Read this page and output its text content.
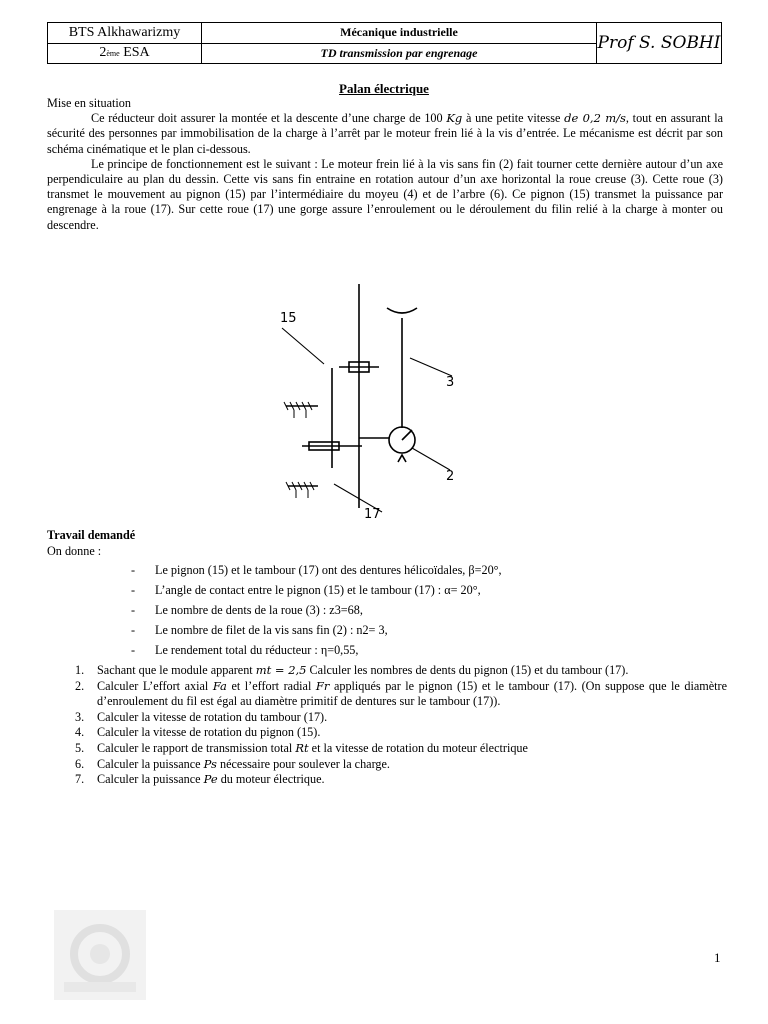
BTS Alkhawarizmy
2 ème
ESA
Mécanique industrielle
TD transmission par engrenage	Prof S. SOBHI
Palan électrique

Mise en situation

Ce réducteur doit assurer la montée et la descente d’une charge de 100 Kg à une petite vitesse de 0,2 m/s, tout en assurant la sécurité des personnes par immobilisation de la charge à l’arrêt par le moteur frein lié à la vis d’entrée. Le mécanisme est décrit par son schéma cinématique et le plan ci-dessous.

Le principe de fonctionnement est le suivant : Le moteur frein lié à la vis sans fin (2) fait tourner cette dernière autour d’un axe perpendiculaire au plan du dessin. Cette vis sans fin entraine en rotation autour d’un axe horizontal la roue creuse (3). Cette roue (3) transmet le mouvement au pignon (15) par l’intermédiaire du moyeu (4) et de l’arbre (6). Ce pignon (15) transmet la puissance par engrenage à la roue (17). Sur cette roue (17) une gorge assure l’enroulement ou le déroulement du filin relié à la charge à monter ou descendre.

15
3
2
17
Travail demandé
On donne :
- Le pignon (15) et le tambour (17) ont des dentures hélicoïdales, β=20°,
- L’angle de contact entre le pignon (15) et le tambour (17) : α= 20°,
- Le nombre de dents de la roue (3) : z3=68,
- Le nombre de filet de la vis sans fin (2) : n2= 3,
- Le rendement total du réducteur : η=0,55,
1. Sachant que le module apparent mt = 2,5 Calculer les nombres de dents du pignon (15) et du tambour (17).
2. Calculer L’effort axial Fa et l’effort radial Fr appliqués par le pignon (15) et le tambour (17). (On suppose que le diamètre d’enroulement du fil est égal au diamètre primitif de dentures sur le tambour (17)).
3. Calculer la vitesse de rotation du tambour (17).
4. Calculer la vitesse de rotation du pignon (15).
5. Calculer le rapport de transmission total Rt et la vitesse de rotation du moteur électrique
6. Calculer la puissance Ps nécessaire pour soulever la charge.
7. Calculer la puissance Pe du moteur électrique.
1
